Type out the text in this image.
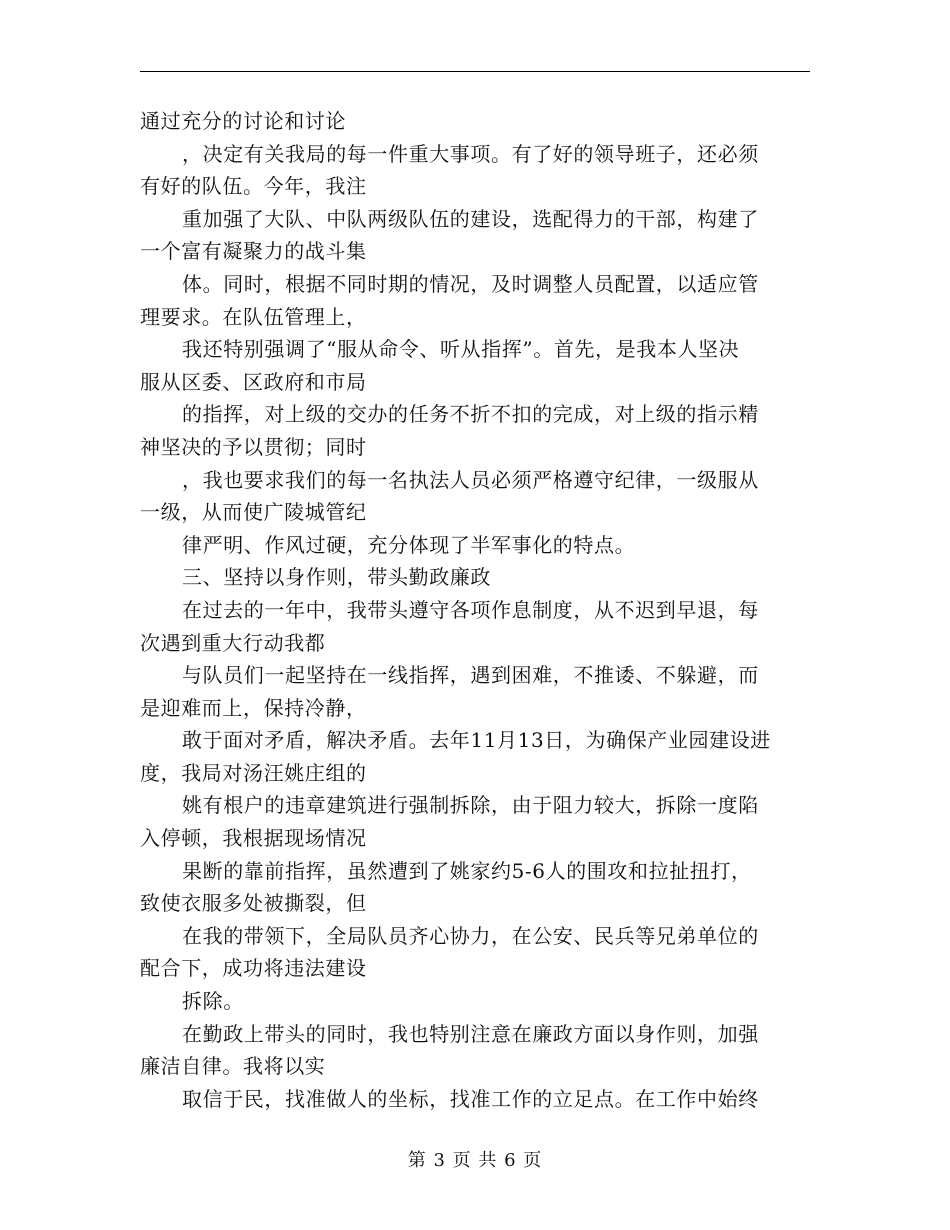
通过充分的讨论和讨论
，决定有关我局的每一件重大事项。有了好的领导班子，还必须
有好的队伍。今年，我注
重加强了大队、中队两级队伍的建设，选配得力的干部，构建了
一个富有凝聚力的战斗集
体。同时，根据不同时期的情况，及时调整人员配置，以适应管
理要求。在队伍管理上，
我还特别强调了“服从命令、听从指挥”。首先，是我本人坚决
服从区委、区政府和市局
的指挥，对上级的交办的任务不折不扣的完成，对上级的指示精
神坚决的予以贯彻；同时
，我也要求我们的每一名执法人员必须严格遵守纪律，一级服从
一级，从而使广陵城管纪
律严明、作风过硬，充分体现了半军事化的特点。
三、坚持以身作则，带头勤政廉政
在过去的一年中，我带头遵守各项作息制度，从不迟到早退，每
次遇到重大行动我都
与队员们一起坚持在一线指挥，遇到困难，不推诿、不躲避，而
是迎难而上，保持冷静，
敢于面对矛盾，解决矛盾。去年11月13日，为确保产业园建设进
度，我局对汤汪姚庄组的
姚有根户的违章建筑进行强制拆除，由于阻力较大，拆除一度陷
入停顿，我根据现场情况
果断的靠前指挥，虽然遭到了姚家约5-6人的围攻和拉扯扭打，
致使衣服多处被撕裂，但
在我的带领下，全局队员齐心协力，在公安、民兵等兄弟单位的
配合下，成功将违法建设
拆除。
在勤政上带头的同时，我也特别注意在廉政方面以身作则，加强
廉洁自律。我将以实
取信于民，找准做人的坐标，找准工作的立足点。在工作中始终
第 3 页 共 6 页
